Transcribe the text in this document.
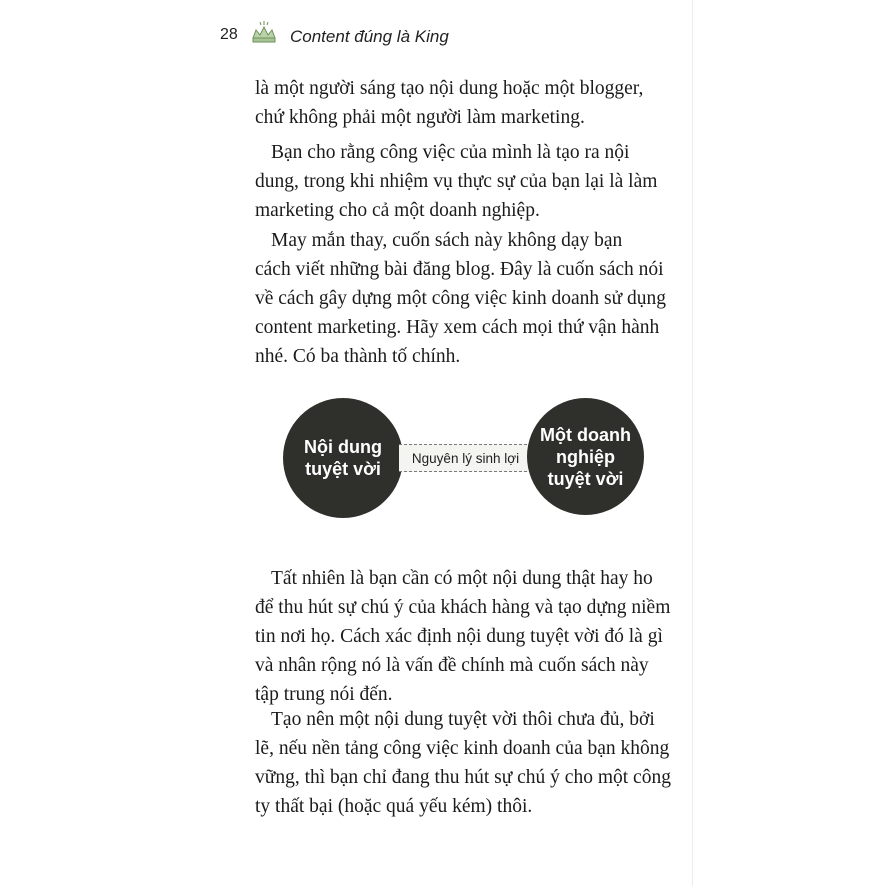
28	Content đúng là King

là một người sáng tạo nội dung hoặc một blogger,
chứ không phải một người làm marketing.

Bạn cho rằng công việc của mình là tạo ra nội
dung, trong khi nhiệm vụ thực sự của bạn lại là làm
marketing cho cả một doanh nghiệp.

May mắn thay, cuốn sách này không dạy bạn
cách viết những bài đăng blog. Đây là cuốn sách nói
về cách gây dựng một công việc kinh doanh sử dụng
content marketing. Hãy xem cách mọi thứ vận hành
nhé. Có ba thành tố chính.

Nội dung
tuyệt vời
Nguyên lý sinh lợi
Một doanh
nghiệp
tuyệt vời

Tất nhiên là bạn cần có một nội dung thật hay ho
để thu hút sự chú ý của khách hàng và tạo dựng niềm
tin nơi họ. Cách xác định nội dung tuyệt vời đó là gì
và nhân rộng nó là vấn đề chính mà cuốn sách này
tập trung nói đến.

Tạo nên một nội dung tuyệt vời thôi chưa đủ, bởi
lẽ, nếu nền tảng công việc kinh doanh của bạn không
vững, thì bạn chỉ đang thu hút sự chú ý cho một công
ty thất bại (hoặc quá yếu kém) thôi.
